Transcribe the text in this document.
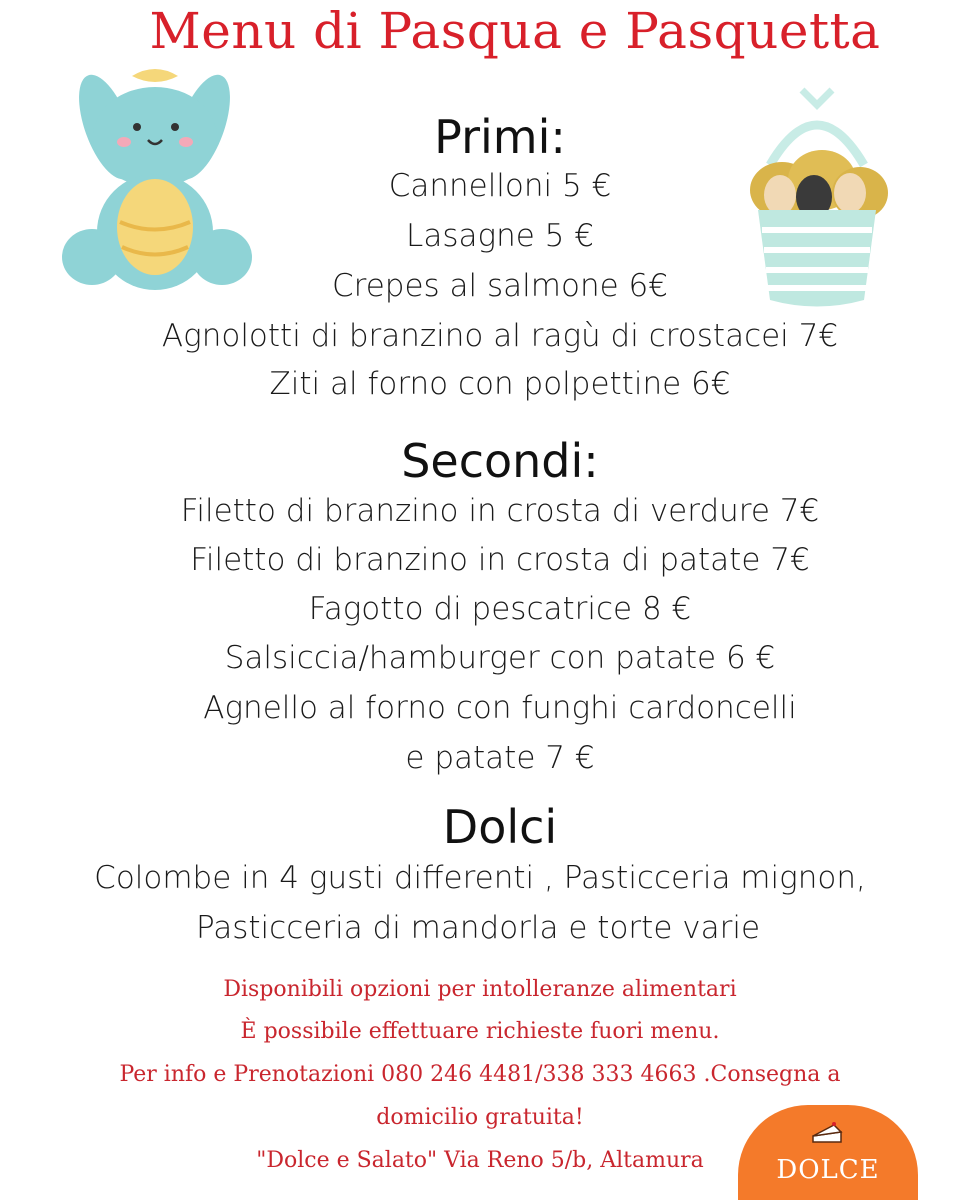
Menu di Pasqua e Pasquetta
Primi:
Cannelloni 5 €
Lasagne 5 €
Crepes al salmone 6€
Agnolotti di branzino al ragù di crostacei 7€
Ziti al forno con polpettine 6€
Secondi:
Filetto di branzino in crosta di verdure 7€
Filetto di branzino in crosta di patate 7€
Fagotto di pescatrice 8 €
Salsiccia/hamburger con patate 6 €
Agnello al forno con funghi cardoncelli
e patate 7 €
Dolci
Colombe in 4 gusti differenti , Pasticceria mignon,
Pasticceria di mandorla e torte varie
Disponibili opzioni per intolleranze alimentari
È possibile effettuare richieste fuori menu.
Per info e Prenotazioni 080 246 4481/338 333 4663 .Consegna a
domicilio gratuita!
"Dolce e Salato" Via Reno 5/b, Altamura	DOLCE
